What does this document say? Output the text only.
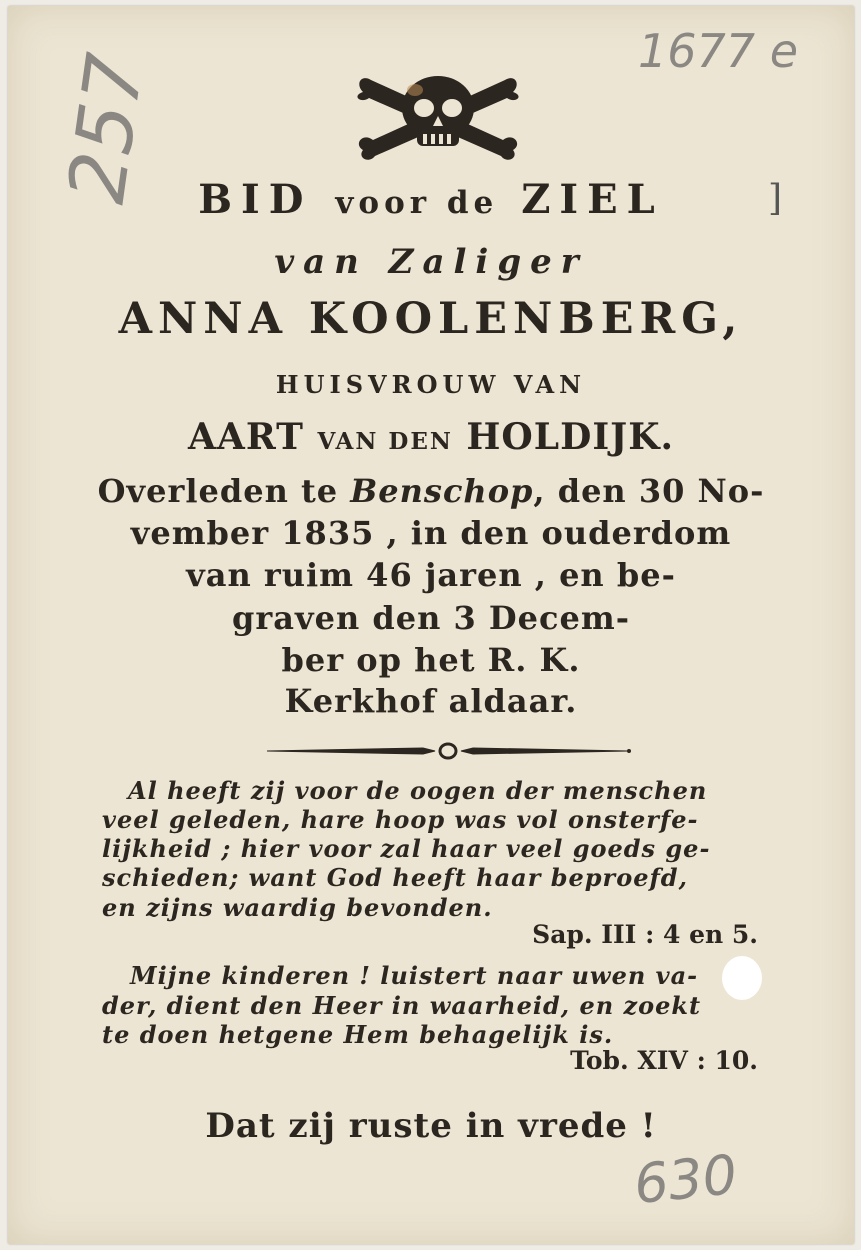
257	1677 e
BID voor de ZIEL	]
van Zaliger
ANNA KOOLENBERG,
HUISVROUW VAN
AART VAN DEN HOLDIJK.
Overleden te Benschop, den 30 No-
vember 1835 , in den ouderdom
van ruim 46 jaren , en be-
graven den 3 Decem-
ber op het R. K.
Kerkhof aldaar.
Al heeft zij voor de oogen der menschen
veel geleden, hare hoop was vol onsterfe-
lijkheid ; hier voor zal haar veel goeds ge-
schieden; want God heeft haar beproefd,
en zijns waardig bevonden.
Sap. III : 4 en 5.
Mijne kinderen ! luistert naar uwen va-
der, dient den Heer in waarheid, en zoekt
te doen hetgene Hem behagelijk is.
Tob. XIV : 10.
Dat zij ruste in vrede !
630
